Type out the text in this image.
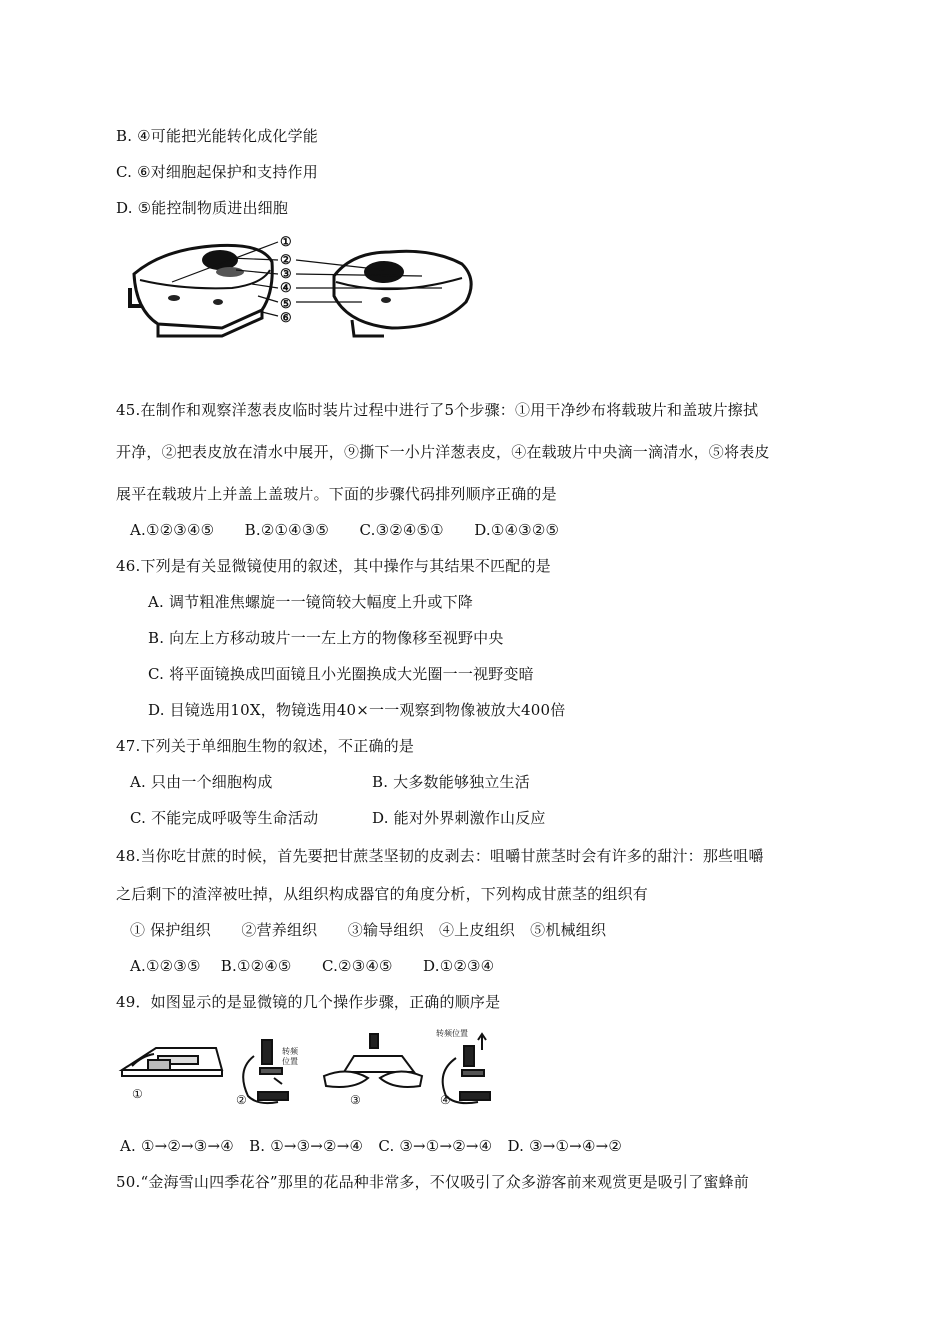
B. ④可能把光能转化成化学能
C. ⑥对细胞起保护和支持作用
D. ⑤能控制物质进出细胞
①
②
③
④
⑤
⑥
45.在制作和观察洋葱表皮临时装片过程中进行了5个步骤：①用干净纱布将载玻片和盖玻片擦拭
开净，②把表皮放在清水中展开，⑨撕下一小片洋葱表皮，④在载玻片中央滴一滴清水，⑤将表皮
展平在载玻片上并盖上盖玻片。下面的步骤代码排列顺序正确的是
A.①②③④⑤　　B.②①④③⑤　　C.③②④⑤①　　D.①④③②⑤
46.下列是有关显微镜使用的叙述，其中操作与其结果不匹配的是
A. 调节粗准焦螺旋一一镜筒较大幅度上升或下降
B. 向左上方移动玻片一一左上方的物像移至视野中央
C. 将平面镜换成凹面镜且小光圈换成大光圈一一视野变暗
D. 目镜选用10X，物镜选用40×一一观察到物像被放大400倍
47.下列关于单细胞生物的叙述，不正确的是
A. 只由一个细胞构成	B. 大多数能够独立生活
C. 不能完成呼吸等生命活动	D. 能对外界刺激作山反应
48.当你吃甘蔗的时候，首先要把甘蔗茎坚韧的皮剥去：咀嚼甘蔗茎时会有许多的甜汁：那些咀嚼
之后剩下的渣滓被吐掉，从组织构成器官的角度分析，下列构成甘蔗茎的组织有
① 保护组织　　②营养组织　　③输导组织　④上皮组织　⑤机械组织
A.①②③⑤　 B.①②④⑤　　C.②③④⑤　　D.①②③④
49．如图显示的是显微镜的几个操作步骤，正确的顺序是
转频位置
转频位置
①	②	③	④
A. ①→②→③→④　B. ①→③→②→④　C. ③→①→②→④　D. ③→①→④→②
50.“金海雪山四季花谷”那里的花品种非常多，不仅吸引了众多游客前来观赏更是吸引了蜜蜂前
